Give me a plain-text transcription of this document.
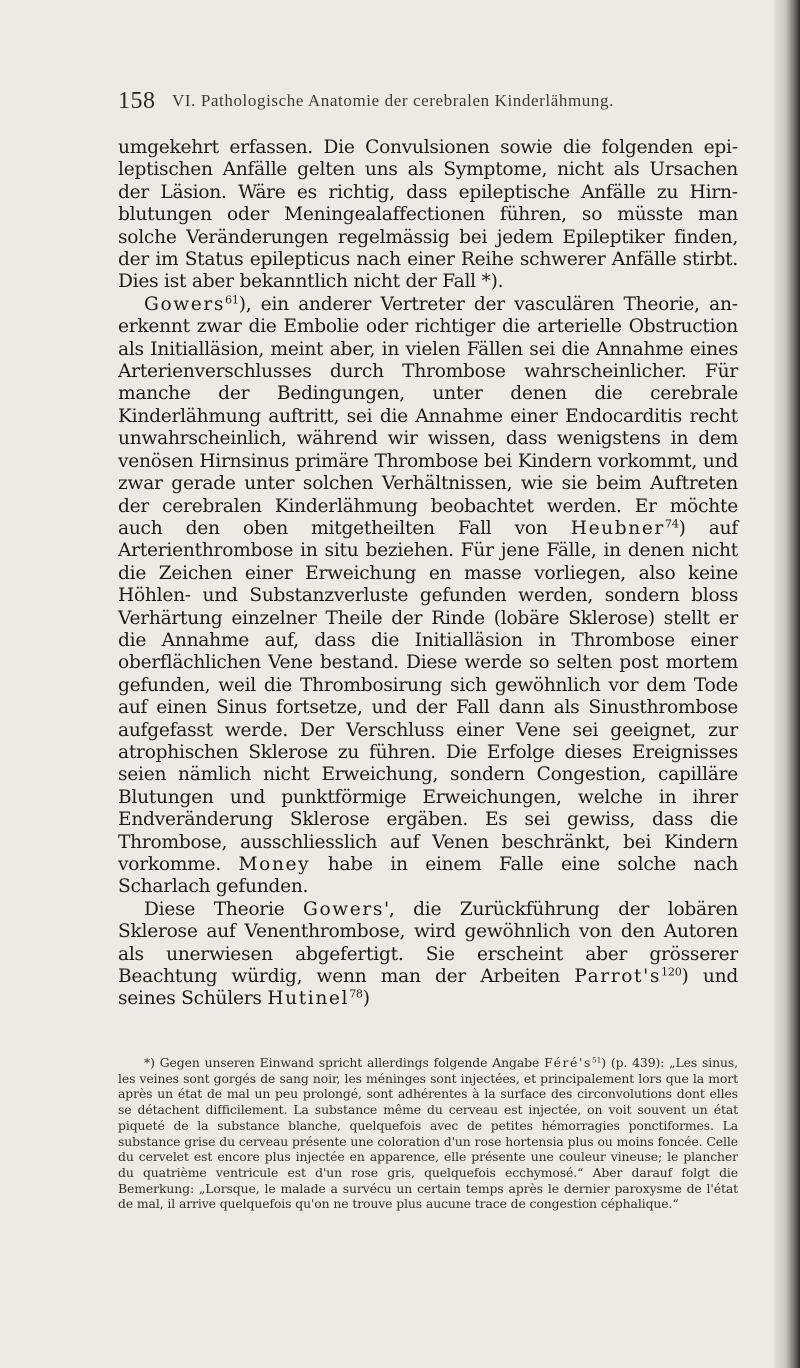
158 VI. Pathologische Anatomie der cerebralen Kinderlähmung.

umgekehrt erfassen. Die Convulsionen sowie die folgenden epileptischen Anfälle gelten uns als Symptome, nicht als Ursachen der Läsion. Wäre es richtig, dass epileptische Anfälle zu Hirnblutungen oder Meningealaffectionen führen, so müsste man solche Veränderungen regelmässig bei jedem Epileptiker finden, der im Status epilepticus nach einer Reihe schwerer Anfälle stirbt. Dies ist aber bekanntlich nicht der Fall *).

Gowers$^{61}$), ein anderer Vertreter der vasculären Theorie, anerkennt zwar die Embolie oder richtiger die arterielle Obstruction als Initialläsion, meint aber, in vielen Fällen sei die Annahme eines Arterienverschlusses durch Thrombose wahrscheinlicher. Für manche der Bedingungen, unter denen die cerebrale Kinderlähmung auftritt, sei die Annahme einer Endocarditis recht unwahrscheinlich, während wir wissen, dass wenigstens in dem venösen Hirnsinus primäre Thrombose bei Kindern vorkommt, und zwar gerade unter solchen Verhältnissen, wie sie beim Auftreten der cerebralen Kinderlähmung beobachtet werden. Er möchte auch den oben mitgetheilten Fall von Heubner$^{74}$) auf Arterienthrombose in situ beziehen. Für jene Fälle, in denen nicht die Zeichen einer Erweichung en masse vorliegen, also keine Höhlen- und Substanzverluste gefunden werden, sondern bloss Verhärtung einzelner Theile der Rinde (lobäre Sklerose) stellt er die Annahme auf, dass die Initialläsion in Thrombose einer oberflächlichen Vene bestand. Diese werde so selten post mortem gefunden, weil die Thrombosirung sich gewöhnlich vor dem Tode auf einen Sinus fortsetze, und der Fall dann als Sinusthrombose aufgefasst werde. Der Verschluss einer Vene sei geeignet, zur atrophischen Sklerose zu führen. Die Erfolge dieses Ereignisses seien nämlich nicht Erweichung, sondern Congestion, capilläre Blutungen und punktförmige Erweichungen, welche in ihrer Endveränderung Sklerose ergäben. Es sei gewiss, dass die Thrombose, ausschliesslich auf Venen beschränkt, bei Kindern vorkomme. Money habe in einem Falle eine solche nach Scharlach gefunden.

Diese Theorie Gowers', die Zurückführung der lobären Sklerose auf Venenthrombose, wird gewöhnlich von den Autoren als unerwiesen abgefertigt. Sie erscheint aber grösserer Beachtung würdig, wenn man der Arbeiten $Parrot's^{120}$) und seines Schülers Hutinel$^{78}$)

*) Gegen unseren Einwand spricht allerdings folgende Angabe $Féré's^{51}$) (p. 439): „Les sinus, les veines sont gorgés de sang noir, les méninges sont injectées, et principalement lors que la mort après un état de mal un peu prolongé, sont adhérentes à la surface des circonvolutions dont elles se détachent difficilement. La substance même du cerveau est injectée, on voit souvent un état piqueté de la substance blanche, quelquefois avec de petites hémorragies ponctiformes. La substance grise du cerveau présente une coloration d'un rose hortensia plus ou moins foncée. Celle du cervelet est encore plus injectée en apparence, elle présente une couleur vineuse; le plancher du quatrième ventricule est d'un rose gris, quelquefois ecchymosé.“ Aber darauf folgt die Bemerkung: „Lorsque, le malade a survécu un certain temps après le dernier paroxysme de l'état de mal, il arrive quelquefois qu'on ne trouve plus aucune trace de congestion céphalique.“
